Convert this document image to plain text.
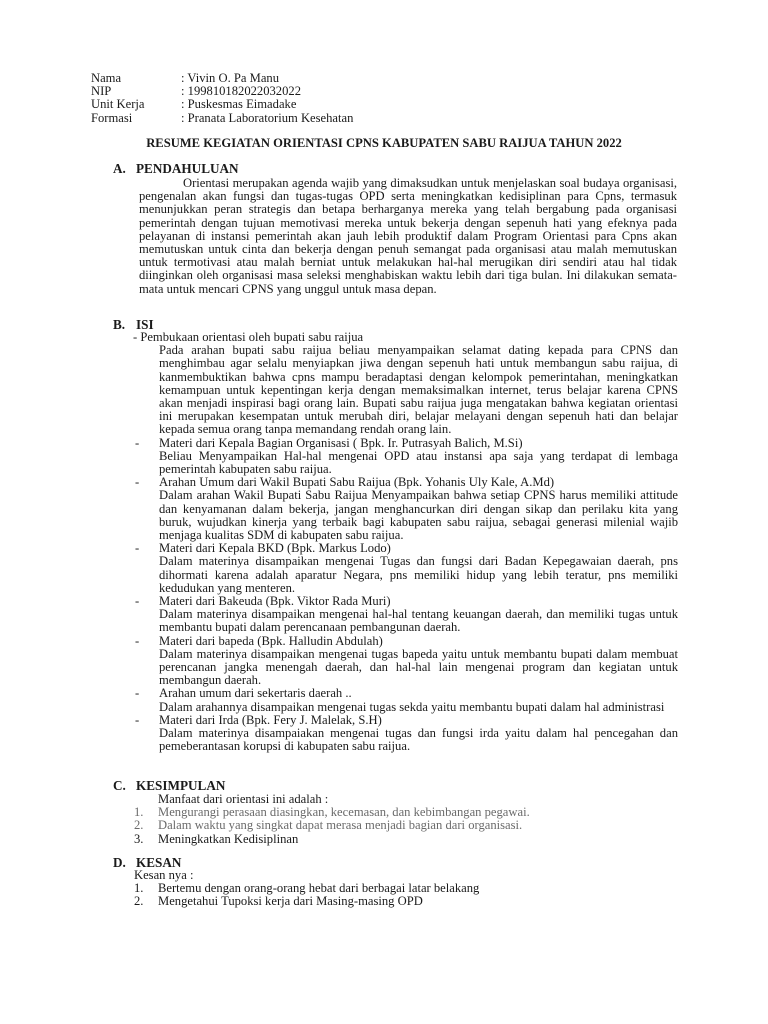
Nama	: Vivin O. Pa Manu
NIP	: 199810182022032022
Unit Kerja	: Puskesmas Eimadake
Formasi	: Pranata Laboratorium Kesehatan
RESUME KEGIATAN ORIENTASI CPNS KABUPATEN SABU RAIJUA TAHUN 2022
A. PENDAHULUAN

Orientasi merupakan agenda wajib yang dimaksudkan untuk menjelaskan soal budaya organisasi, pengenalan akan fungsi dan tugas-tugas OPD serta meningkatkan kedisiplinan para Cpns, termasuk menunjukkan peran strategis dan betapa berharganya mereka yang telah bergabung pada organisasi pemerintah dengan tujuan memotivasi mereka untuk bekerja dengan sepenuh hati yang efeknya pada pelayanan di instansi pemerintah akan jauh lebih produktif dalam Program Orientasi para Cpns akan memutuskan untuk cinta dan bekerja dengan penuh semangat pada organisasi atau malah memutuskan untuk termotivasi atau malah berniat untuk melakukan hal-hal merugikan diri sendiri atau hal tidak diinginkan oleh organisasi masa seleksi menghabiskan waktu lebih dari tiga bulan. Ini dilakukan semata-mata untuk mencari CPNS yang unggul untuk masa depan.

B. ISI
- Pembukaan orientasi oleh bupati sabu raijua
Pada arahan bupati sabu raijua beliau menyampaikan selamat dating kepada para CPNS dan menghimbau agar selalu menyiapkan jiwa dengan sepenuh hati untuk membangun sabu raijua, di kanmembuktikan bahwa cpns mampu beradaptasi dengan kelompok pemerintahan, meningkatkan kemampuan untuk kepentingan kerja dengan memaksimalkan internet, terus belajar karena CPNS akan menjadi inspirasi bagi orang lain. Bupati sabu raijua juga mengatakan bahwa kegiatan orientasi ini merupakan kesempatan untuk merubah diri, belajar melayani dengan sepenuh hati dan belajar kepada semua orang tanpa memandang rendah orang lain.
-	Materi dari Kepala Bagian Organisasi ( Bpk. Ir. Putrasyah Balich, M.Si)
Beliau Menyampaikan Hal-hal mengenai OPD atau instansi apa saja yang terdapat di lembaga pemerintah kabupaten sabu raijua.
-	Arahan Umum dari Wakil Bupati Sabu Raijua (Bpk. Yohanis Uly Kale, A.Md)
Dalam arahan Wakil Bupati Sabu Raijua Menyampaikan bahwa setiap CPNS harus memiliki attitude dan kenyamanan dalam bekerja, jangan menghancurkan diri dengan sikap dan perilaku kita yang buruk, wujudkan kinerja yang terbaik bagi kabupaten sabu raijua, sebagai generasi milenial wajib menjaga kualitas SDM di kabupaten sabu raijua.
-	Materi dari Kepala BKD (Bpk. Markus Lodo)
Dalam materinya disampaikan mengenai Tugas dan fungsi dari Badan Kepegawaian daerah, pns dihormati karena adalah aparatur Negara, pns memiliki hidup yang lebih teratur, pns memiliki kedudukan yang menteren.
-	Materi dari Bakeuda (Bpk. Viktor Rada Muri)
Dalam materinya disampaikan mengenai hal-hal tentang keuangan daerah, dan memiliki tugas untuk membantu bupati dalam perencanaan pembangunan daerah.
-	Materi dari bapeda (Bpk. Halludin Abdulah)
Dalam materinya disampaikan mengenai tugas bapeda yaitu untuk membantu bupati dalam membuat perencanan jangka menengah daerah, dan hal-hal lain mengenai program dan kegiatan untuk membangun daerah.
-	Arahan umum dari sekertaris daerah ..
Dalam arahannya disampaikan mengenai tugas sekda yaitu membantu bupati dalam hal administrasi
-	Materi dari Irda (Bpk. Fery J. Malelak, S.H)
Dalam materinya disampaiakan mengenai tugas dan fungsi irda yaitu dalam hal pencegahan dan pemeberantasan korupsi di kabupaten sabu raijua.
C. KESIMPULAN
Manfaat dari orientasi ini adalah :
1.	Mengurangi perasaan diasingkan, kecemasan, dan kebimbangan pegawai.
2.	Dalam waktu yang singkat dapat merasa menjadi bagian dari organisasi.
3.	Meningkatkan Kedisiplinan
D. KESAN
Kesan nya :
1.	Bertemu dengan orang-orang hebat dari berbagai latar belakang
2.	Mengetahui Tupoksi kerja dari Masing-masing OPD
